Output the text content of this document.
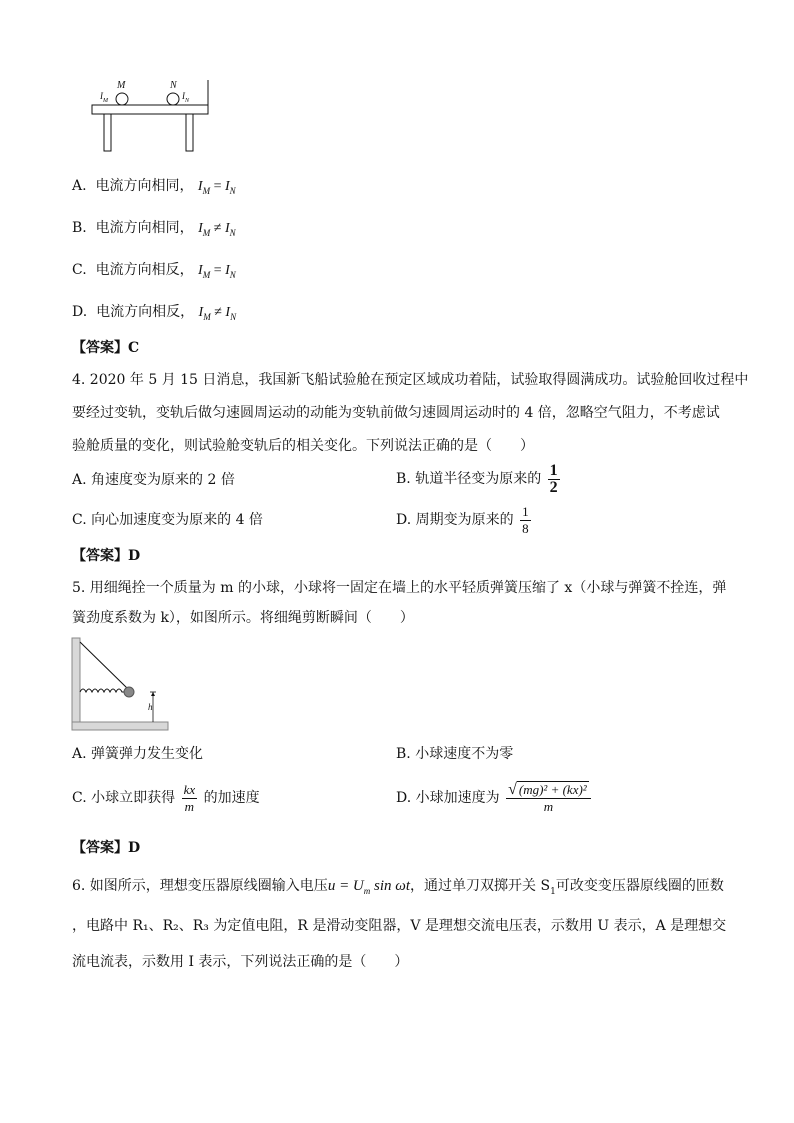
M	N
$I_M$	$I_N$
A. 电流方向相同， $I_M = I_N$
B. 电流方向相同， $I_M \ne I_N$
C. 电流方向相反， $I_M = I_N$
D. 电流方向相反， $I_M \ne I_N$
【答案】C
4. 2020 年 5 月 15 日消息，我国新飞船试验舱在预定区域成功着陆，试验取得圆满成功。试验舱回收过程中
要经过变轨，变轨后做匀速圆周运动的动能为变轨前做匀速圆周运动时的 4 倍，忽略空气阻力，不考虑试
验舱质量的变化，则试验舱变轨后的相关变化。下列说法正确的是（　　）
A. 角速度变为原来的 2 倍	B. 轨道半径变为原来的 $\frac{1}{2}$
C. 向心加速度变为原来的 4 倍	D. 周期变为原来的 $\frac{1}{8}$
【答案】D
5. 用细绳拴一个质量为 m 的小球，小球将一固定在墙上的水平轻质弹簧压缩了 x（小球与弹簧不拴连，弹
簧劲度系数为 k），如图所示。将细绳剪断瞬间（　　）
h
A. 弹簧弹力发生变化	B. 小球速度不为零
C. 小球立即获得 $\frac{kx}{m}$ 的加速度	D. 小球加速度为 $\frac{\text{√ (mg)² + (kx)²}}{m}$
【答案】D
6. 如图所示，理想变压器原线圈输入电压$u = U_m$ sin ωt，通过单刀双掷开关 $S_1$可改变变压器原线圈的匝数
，电路中 R₁、R₂、R₃ 为定值电阻，R 是滑动变阻器，V 是理想交流电压表，示数用 U 表示，A 是理想交
流电流表，示数用 I 表示，下列说法正确的是（　　）
